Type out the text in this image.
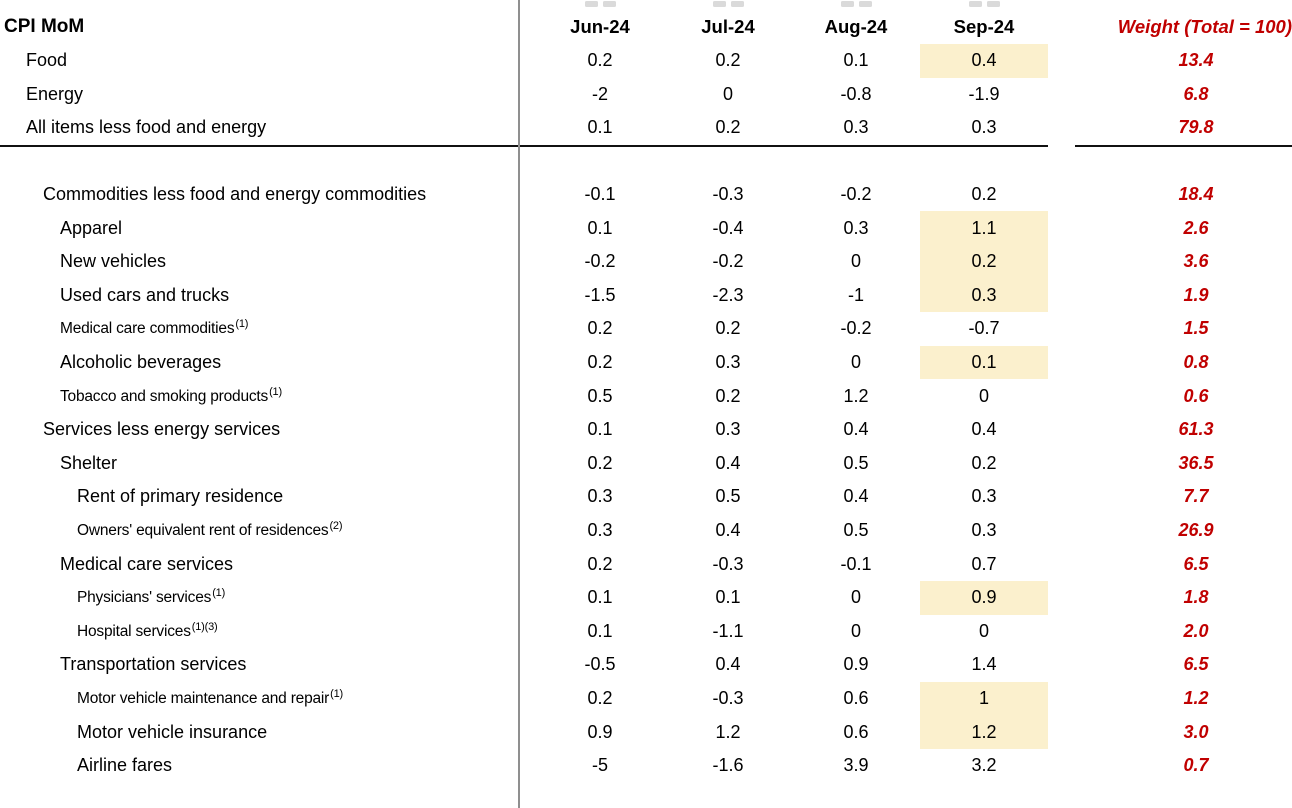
CPI MoM	Jun-24	Jul-24	Aug-24	Sep-24	Weight (Total = 100)
Food	0.2	0.2	0.1	0.4	13.4
Energy	-2	0	-0.8	-1.9	6.8
All items less food and energy	0.1	0.2	0.3	0.3	79.8
Commodities less food and energy commodities	-0.1	-0.3	-0.2	0.2	18.4
Apparel	0.1	-0.4	0.3	1.1	2.6
New vehicles	-0.2	-0.2	0	0.2	3.6
Used cars and trucks	-1.5	-2.3	-1	0.3	1.9
Medical care commodities$^{(1)}$	0.2	0.2	-0.2	-0.7	1.5
Alcoholic beverages	0.2	0.3	0	0.1	0.8
Tobacco and smoking products$^{(1)}$	0.5	0.2	1.2	0	0.6
Services less energy services	0.1	0.3	0.4	0.4	61.3
Shelter	0.2	0.4	0.5	0.2	36.5
Rent of primary residence	0.3	0.5	0.4	0.3	7.7
Owners' equivalent rent of residences$^{(2)}$	0.3	0.4	0.5	0.3	26.9
Medical care services	0.2	-0.3	-0.1	0.7	6.5
Physicians' services$^{(1)}$	0.1	0.1	0	0.9	1.8
Hospital services$^{(1)(3)}$	0.1	-1.1	0	0	2.0
Transportation services	-0.5	0.4	0.9	1.4	6.5
Motor vehicle maintenance and repair$^{(1)}$	0.2	-0.3	0.6	1	1.2
Motor vehicle insurance	0.9	1.2	0.6	1.2	3.0
Airline fares	-5	-1.6	3.9	3.2	0.7
